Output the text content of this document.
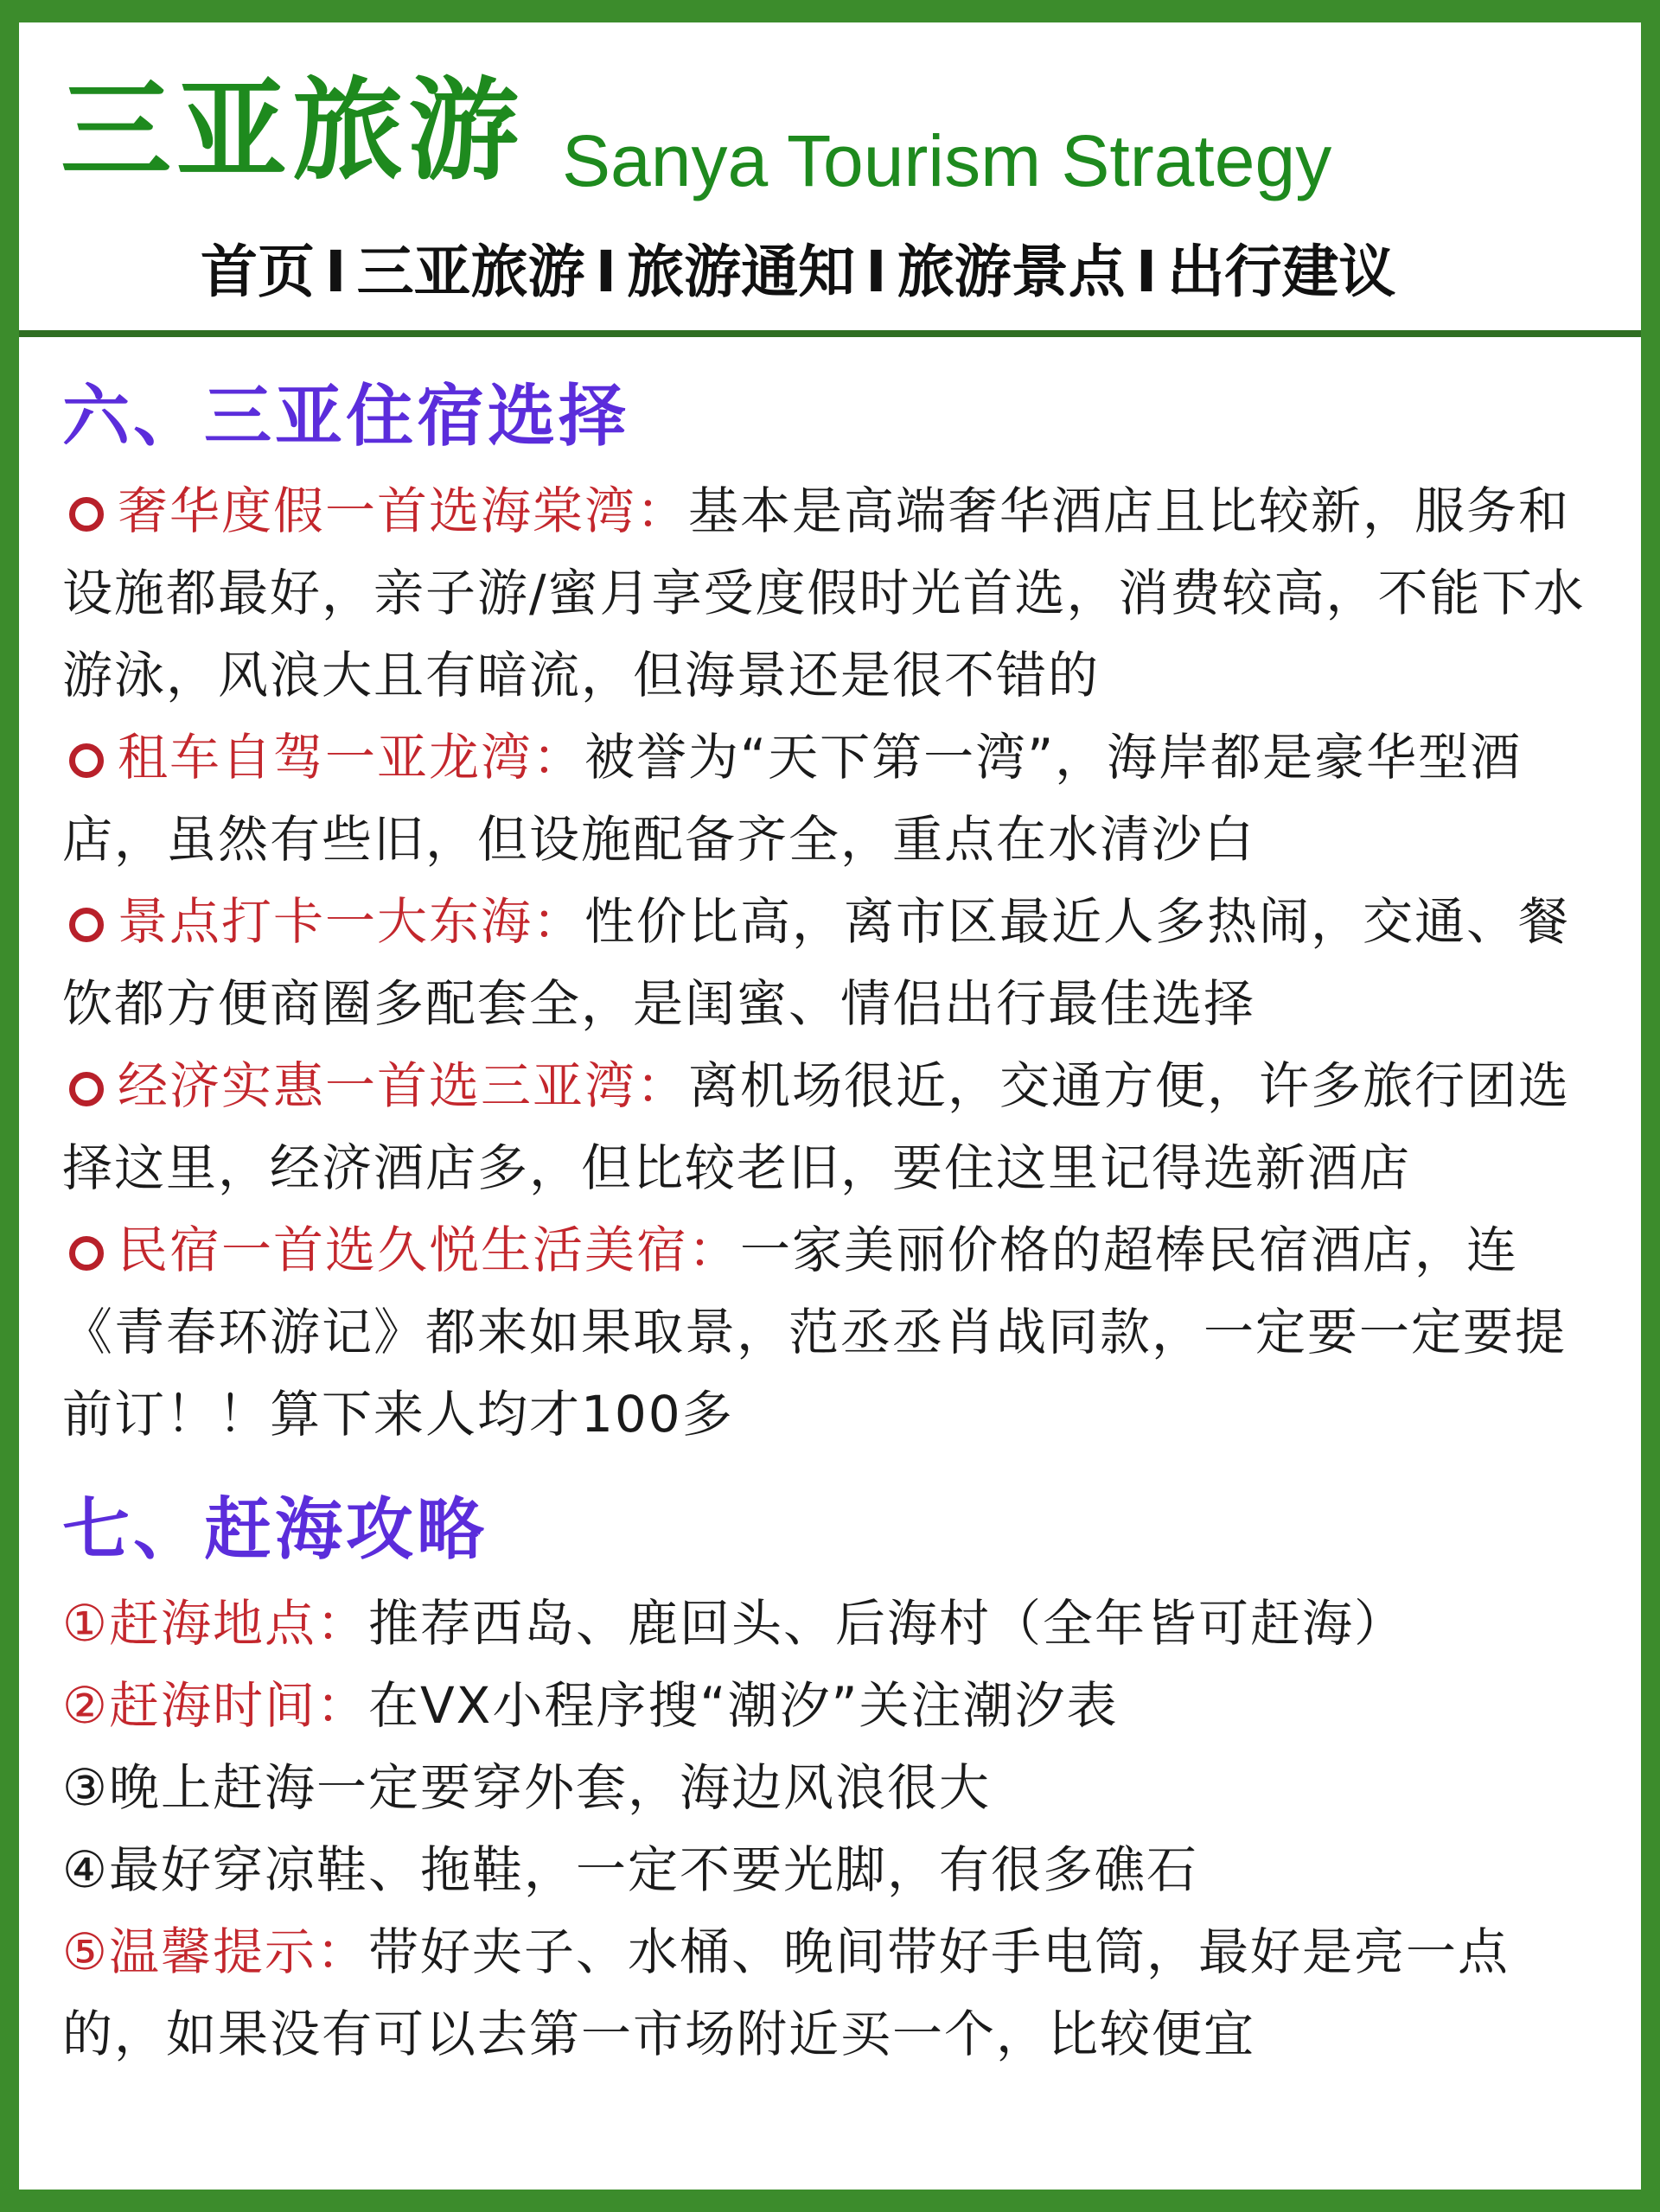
三亚旅游 Sanya Tourism Strategy
首页 I 三亚旅游 I 旅游通知 I 旅游景点 I 出行建议
六、三亚住宿选择

奢华度假一首选海棠湾：基本是高端奢华酒店且比较新，服务和设施都最好，亲子游/蜜月享受度假时光首选，消费较高，不能下水游泳，风浪大且有暗流，但海景还是很不错的

租车自驾一亚龙湾：被誉为“天下第一湾”，海岸都是豪华型酒店，虽然有些旧，但设施配备齐全，重点在水清沙白

景点打卡一大东海：性价比高，离市区最近人多热闹，交通、餐饮都方便商圈多配套全，是闺蜜、情侣出行最佳选择

经济实惠一首选三亚湾：离机场很近，交通方便，许多旅行团选择这里，经济酒店多，但比较老旧，要住这里记得选新酒店

民宿一首选久悦生活美宿：一家美丽价格的超棒民宿酒店，连《青春环游记》都来如果取景，范丞丞肖战同款，一定要一定要提前订！！算下来人均才100多

七、赶海攻略

①赶海地点：推荐西岛、鹿回头、后海村（全年皆可赶海）

②赶海时间：在VX小程序搜“潮汐”关注潮汐表

③晚上赶海一定要穿外套，海边风浪很大

④最好穿凉鞋、拖鞋，一定不要光脚，有很多礁石

⑤温馨提示：带好夹子、水桶、晚间带好手电筒，最好是亮一点的，如果没有可以去第一市场附近买一个，比较便宜
